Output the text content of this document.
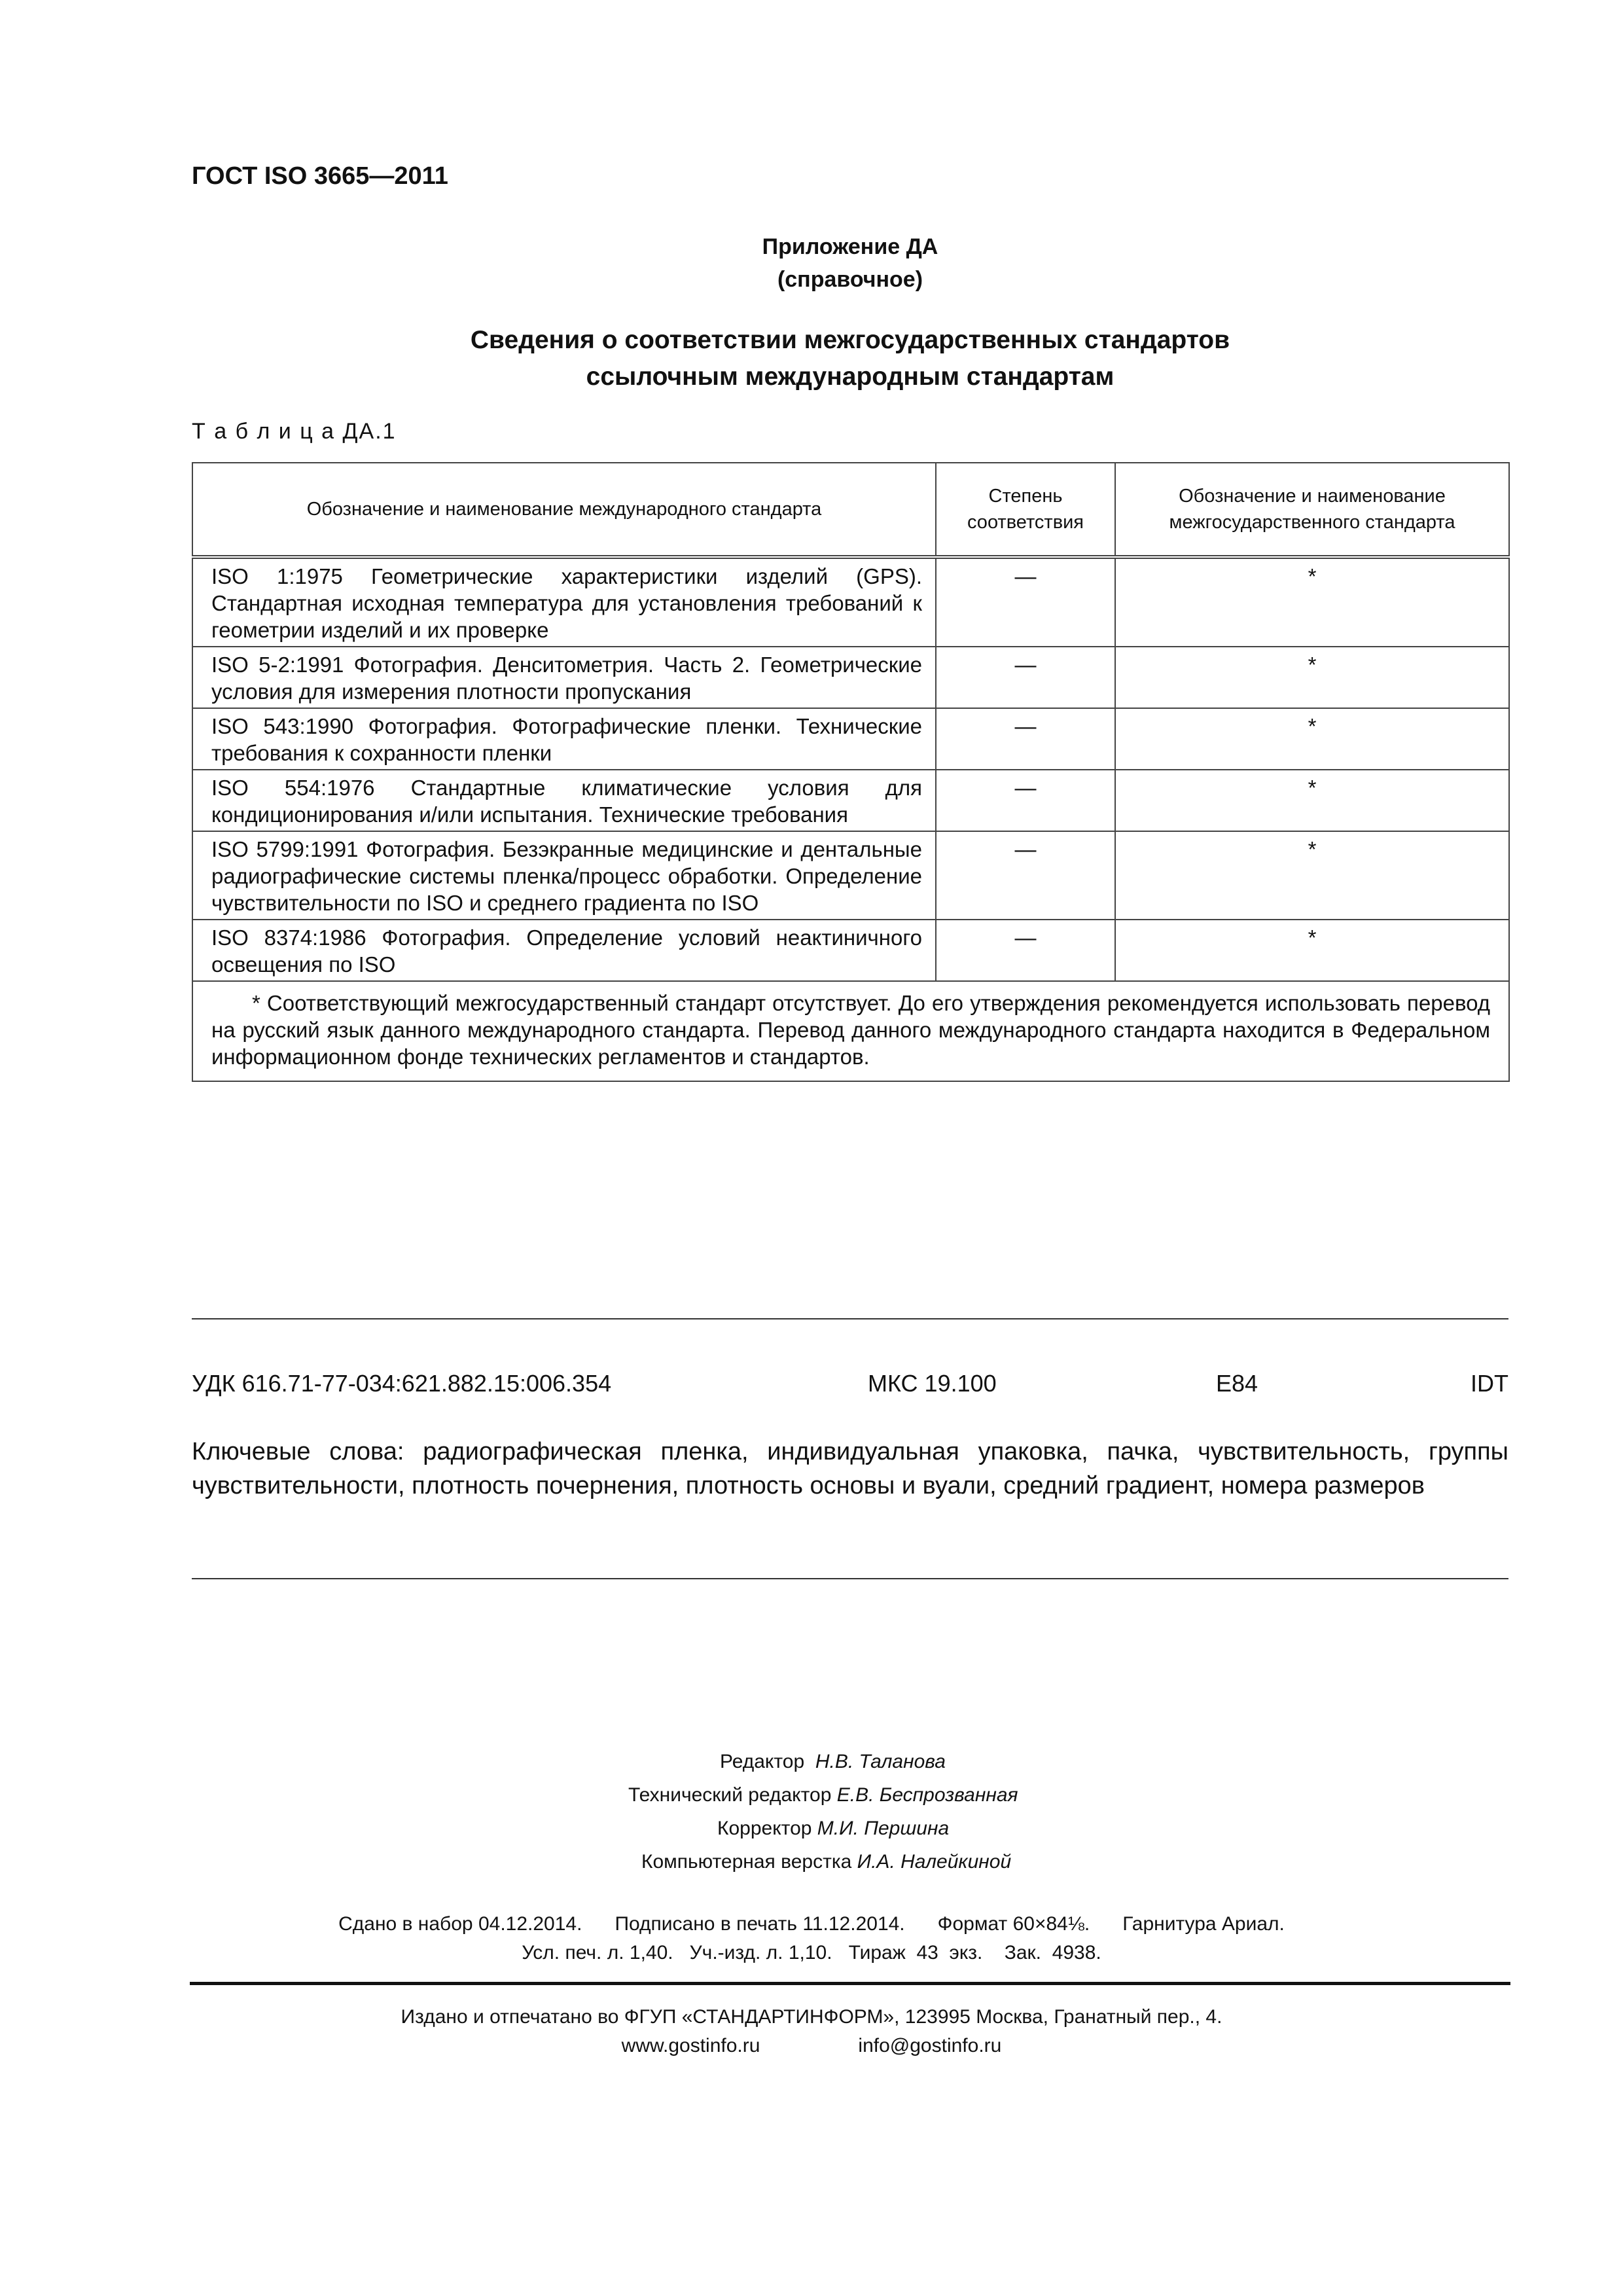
ГОСТ ISO 3665—2011
Приложение ДА
(справочное)
Сведения о соответствии межгосударственных стандартов
ссылочным международным стандартам
Т а б л и ц а ДА.1
Обозначение и наименование международного стандарта	Степень соответствия	Обозначение и наименование межгосударственного стандарта
ISO 1:1975 Геометрические характеристики изделий (GPS). Стандартная исходная температура для установления требований к геометрии изделий и их проверке	—	*
ISO 5-2:1991 Фотография. Денситометрия. Часть 2. Геометрические условия для измерения плотности пропускания	—	*
ISO 543:1990 Фотография. Фотографические пленки. Технические требования к сохранности пленки	—	*
ISO 554:1976 Стандартные климатические условия для кондиционирования и/или испытания. Технические требования	—	*
ISO 5799:1991 Фотография. Безэкранные медицинские и дентальные радиографические системы пленка/процесс обработки. Определение чувствительности по ISO и среднего градиента по ISO	—	*
ISO 8374:1986 Фотография. Определение условий неактиничного освещения по ISO	—	*
* Соответствующий межгосударственный стандарт отсутствует. До его утверждения рекомендуется использовать перевод на русский язык данного международного стандарта. Перевод данного международного стандарта находится в Федеральном информационном фонде технических регламентов и стандартов.		
УДК 616.71-77-034:621.882.15:006.354	МКС 19.100	E84	IDT
Ключевые слова: радиографическая пленка, индивидуальная упаковка, пачка, чувствительность, группы чувствительности, плотность почернения, плотность основы и вуали, средний градиент, номера размеров
Редактор Н.В. Таланова
Технический редактор Е.В. Беспрозванная
Корректор М.И. Першина
Компьютерная верстка И.А. Налейкиной
Сдано в набор 04.12.2014. Подписано в печать 11.12.2014. Формат 60×84⅛. Гарнитура Ариал.
Усл. печ. л. 1,40. Уч.-изд. л. 1,10. Тираж  43  экз. Зак.  4938.
Издано и отпечатано во ФГУП «СТАНДАРТИНФОРМ», 123995 Москва, Гранатный пер., 4.
www.gostinfo.ru	info@gostinfo.ru
